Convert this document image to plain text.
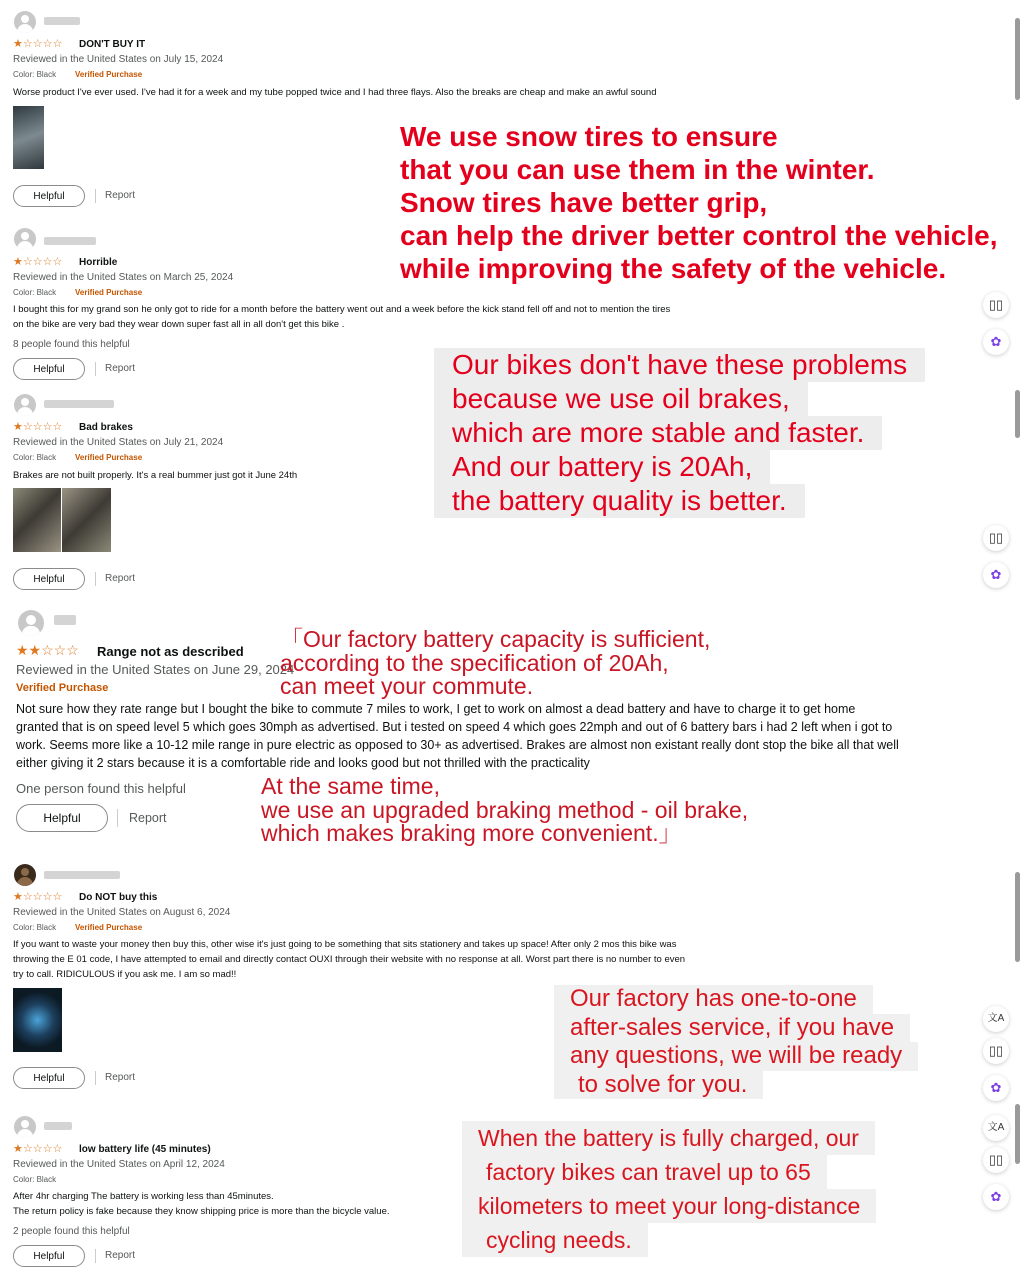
★☆☆☆☆ DON'T BUY IT
Reviewed in the United States on July 15, 2024
Color: Black Verified Purchase
Worse product I've ever used. I've had it for a week and my tube popped twice and I had three flays. Also the breaks are cheap and make an awful sound
Helpful	Report
★☆☆☆☆ Horrible
Reviewed in the United States on March 25, 2024
Color: Black Verified Purchase
I bought this for my grand son he only got to ride for a month before the battery went out and a week before the kick stand fell off and not to mention the tires
on the bike are very bad they wear down super fast all in all don't get this bike .
8 people found this helpful
Helpful	Report
★☆☆☆☆ Bad brakes
Reviewed in the United States on July 21, 2024
Color: Black Verified Purchase
Brakes are not built properly. It's a real bummer just got it June 24th
Helpful	Report
★★☆☆☆ Range not as described
Reviewed in the United States on June 29, 2024
Verified Purchase
Not sure how they rate range but I bought the bike to commute 7 miles to work, I get to work on almost a dead battery and have to charge it to get home
granted that is on speed level 5 which goes 30mph as advertised. But i tested on speed 4 which goes 22mph and out of 6 battery bars i had 2 left when i got to
work. Seems more like a 10-12 mile range in pure electric as opposed to 30+ as advertised. Brakes are almost non existant really dont stop the bike all that well
either giving it 2 stars because it is a comfortable ride and looks good but not thrilled with the practicality
One person found this helpful
Helpful	Report
★☆☆☆☆ Do NOT buy this
Reviewed in the United States on August 6, 2024
Color: Black Verified Purchase
If you want to waste your money then buy this, other wise it's just going to be something that sits stationery and takes up space! After only 2 mos this bike was
throwing the E 01 code, I have attempted to email and directly contact OUXI through their website with no response at all. Worst part there is no number to even
try to call. RIDICULOUS if you ask me. I am so mad!!
Helpful	Report
★☆☆☆☆ low battery life (45 minutes)
Reviewed in the United States on April 12, 2024
Color: Black
After 4hr charging The battery is working less than 45minutes.
The return policy is fake because they know shipping price is more than the bicycle value.
2 people found this helpful
Helpful	Report
We use snow tires to ensure
that you can use them in the winter.
Snow tires have better grip,
can help the driver better control the vehicle,
while improving the safety of the vehicle.
Our bikes don't have these problems
because we use oil brakes,
which are more stable and faster.
And our battery is 20Ah,
the battery quality is better.
「Our factory battery capacity is sufficient,
according to the specification of 20Ah,
can meet your commute.
At the same time,
we use an upgraded braking method - oil brake,
which makes braking more convenient.」
Our factory has one-to-one
after-sales service, if you have
any questions, we will be ready
to solve for you.
When the battery is fully charged, our
factory bikes can travel up to 65
kilometers to meet your long-distance
cycling needs.
▯▯
✿
▯▯
✿
文A
▯▯
✿
文A
▯▯
✿
